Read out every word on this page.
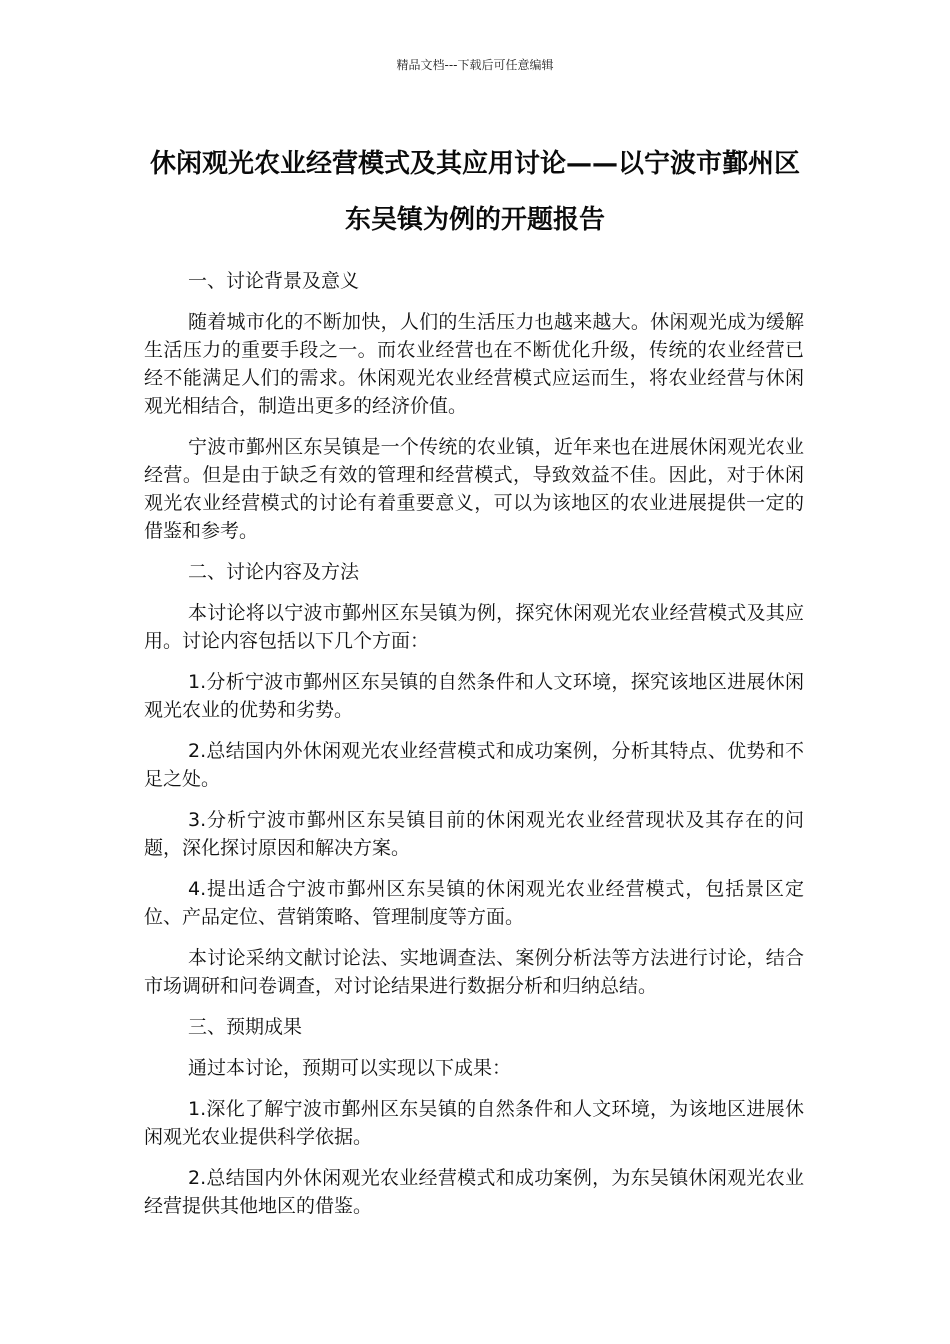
精品文档---下载后可任意编辑
休闲观光农业经营模式及其应用讨论——以宁波市鄞州区东吴镇为例的开题报告

一、讨论背景及意义

随着城市化的不断加快，人们的生活压力也越来越大。休闲观光成为缓解生活压力的重要手段之一。而农业经营也在不断优化升级，传统的农业经营已经不能满足人们的需求。休闲观光农业经营模式应运而生，将农业经营与休闲观光相结合，制造出更多的经济价值。

宁波市鄞州区东吴镇是一个传统的农业镇，近年来也在进展休闲观光农业经营。但是由于缺乏有效的管理和经营模式，导致效益不佳。因此，对于休闲观光农业经营模式的讨论有着重要意义，可以为该地区的农业进展提供一定的借鉴和参考。

二、讨论内容及方法

本讨论将以宁波市鄞州区东吴镇为例，探究休闲观光农业经营模式及其应用。讨论内容包括以下几个方面：

1.分析宁波市鄞州区东吴镇的自然条件和人文环境，探究该地区进展休闲观光农业的优势和劣势。

2.总结国内外休闲观光农业经营模式和成功案例，分析其特点、优势和不足之处。

3.分析宁波市鄞州区东吴镇目前的休闲观光农业经营现状及其存在的问题，深化探讨原因和解决方案。

4.提出适合宁波市鄞州区东吴镇的休闲观光农业经营模式，包括景区定位、产品定位、营销策略、管理制度等方面。

本讨论采纳文献讨论法、实地调查法、案例分析法等方法进行讨论，结合市场调研和问卷调查，对讨论结果进行数据分析和归纳总结。

三、预期成果

通过本讨论，预期可以实现以下成果：

1.深化了解宁波市鄞州区东吴镇的自然条件和人文环境，为该地区进展休闲观光农业提供科学依据。

2.总结国内外休闲观光农业经营模式和成功案例，为东吴镇休闲观光农业经营提供其他地区的借鉴。
